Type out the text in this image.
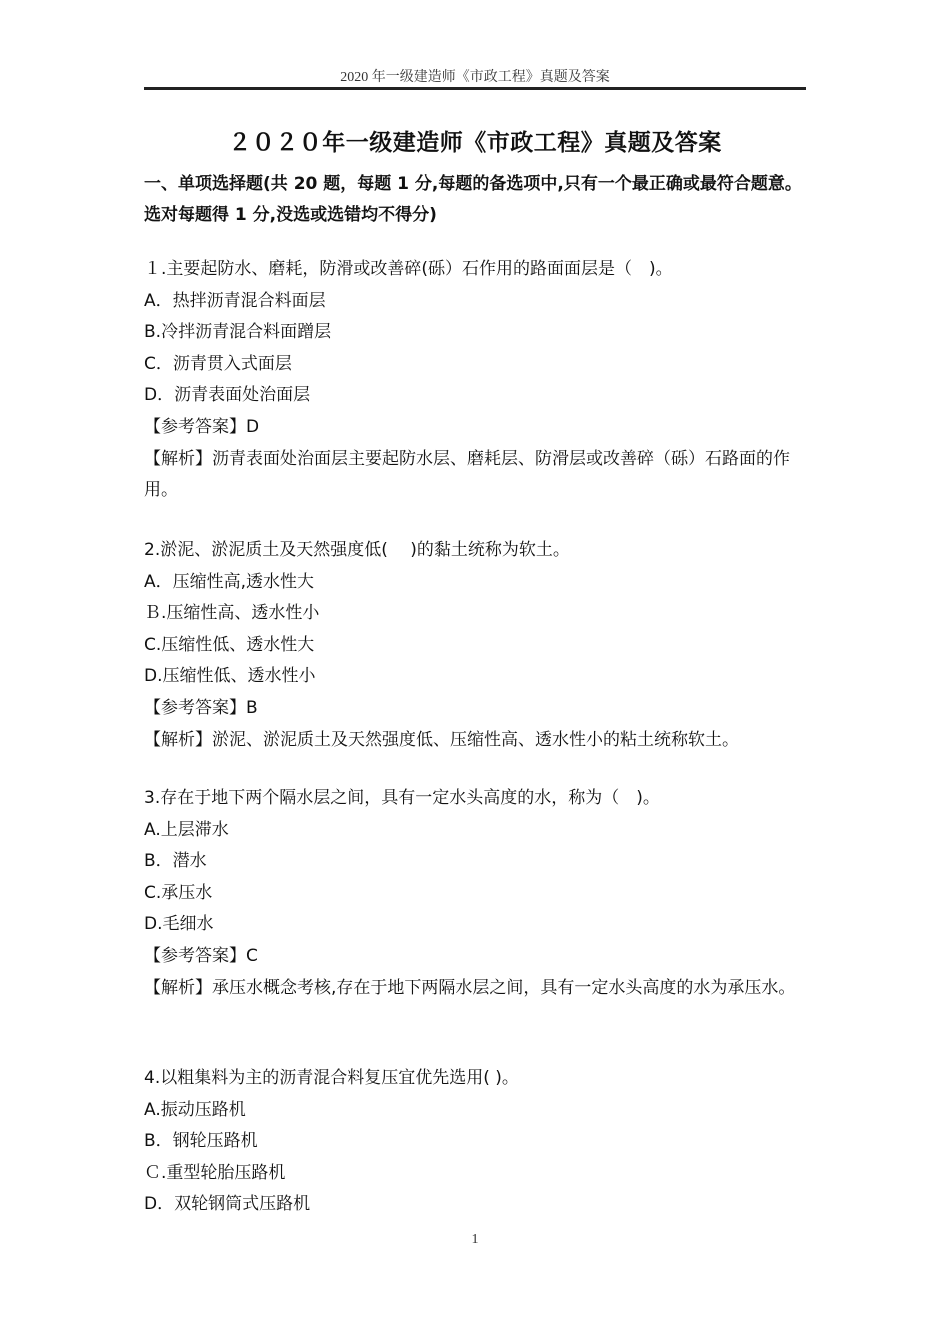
2020 年一级建造师《市政工程》真题及答案
２０２０年一级建造师《市政工程》真题及答案
一、单项选择题(共 20 题，每题 1 分,每题的备选项中,只有一个最正确或最符合题意。选对每题得 1 分,没选或选错均不得分)
１.主要起防水、磨耗，防滑或改善碎(砾）石作用的路面面层是（　)。
A．热拌沥青混合料面层
B.冷拌沥青混合料面蹭层
C．沥青贯入式面层
D．沥青表面处治面层
【参考答案】D
【解析】沥青表面处治面层主要起防水层、磨耗层、防滑层或改善碎（砾）石路面的作用。
2.淤泥、淤泥质土及天然强度低(　 )的黏土统称为软土。
A．压缩性高,透水性大
Ｂ.压缩性高、透水性小
C.压缩性低、透水性大
D.压缩性低、透水性小
【参考答案】B
【解析】淤泥、淤泥质土及天然强度低、压缩性高、透水性小的粘土统称软土。
3.存在于地下两个隔水层之间，具有一定水头高度的水，称为（　)。
A.上层滞水
B．潜水
C.承压水
D.毛细水
【参考答案】C
【解析】承压水概念考核,存在于地下两隔水层之间，具有一定水头高度的水为承压水。
4.以粗集料为主的沥青混合料复压宜优先选用( )。
A.振动压路机
B．钢轮压路机
Ｃ.重型轮胎压路机
D．双轮钢筒式压路机
1
